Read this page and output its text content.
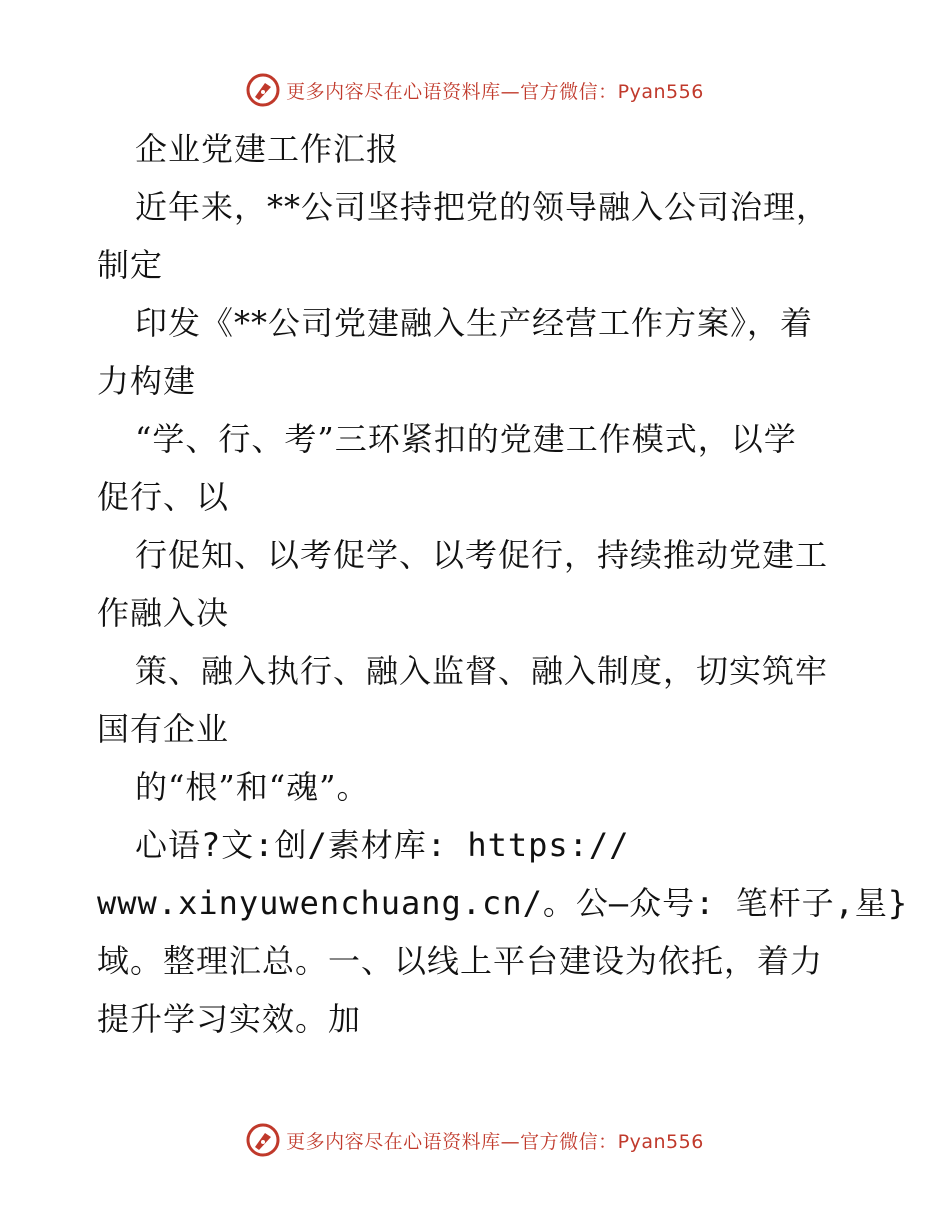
更多内容尽在心语资料库—官方微信：Pyan556
企业党建工作汇报
近年来，**公司坚持把党的领导融入公司治理，
制定
印发《**公司党建融入生产经营工作方案》，着
力构建
“学、行、考”三环紧扣的党建工作模式，以学
促行、以
行促知、以考促学、以考促行，持续推动党建工
作融入决
策、融入执行、融入监督、融入制度，切实筑牢
国有企业
的“根”和“魂”。
心语?文:创/素材库: https://
www.xinyuwenchuang.cn/。公—众号: 笔杆子,星}
域。整理汇总。一、以线上平台建设为依托，着力
提升学习实效。加
更多内容尽在心语资料库—官方微信：Pyan556
